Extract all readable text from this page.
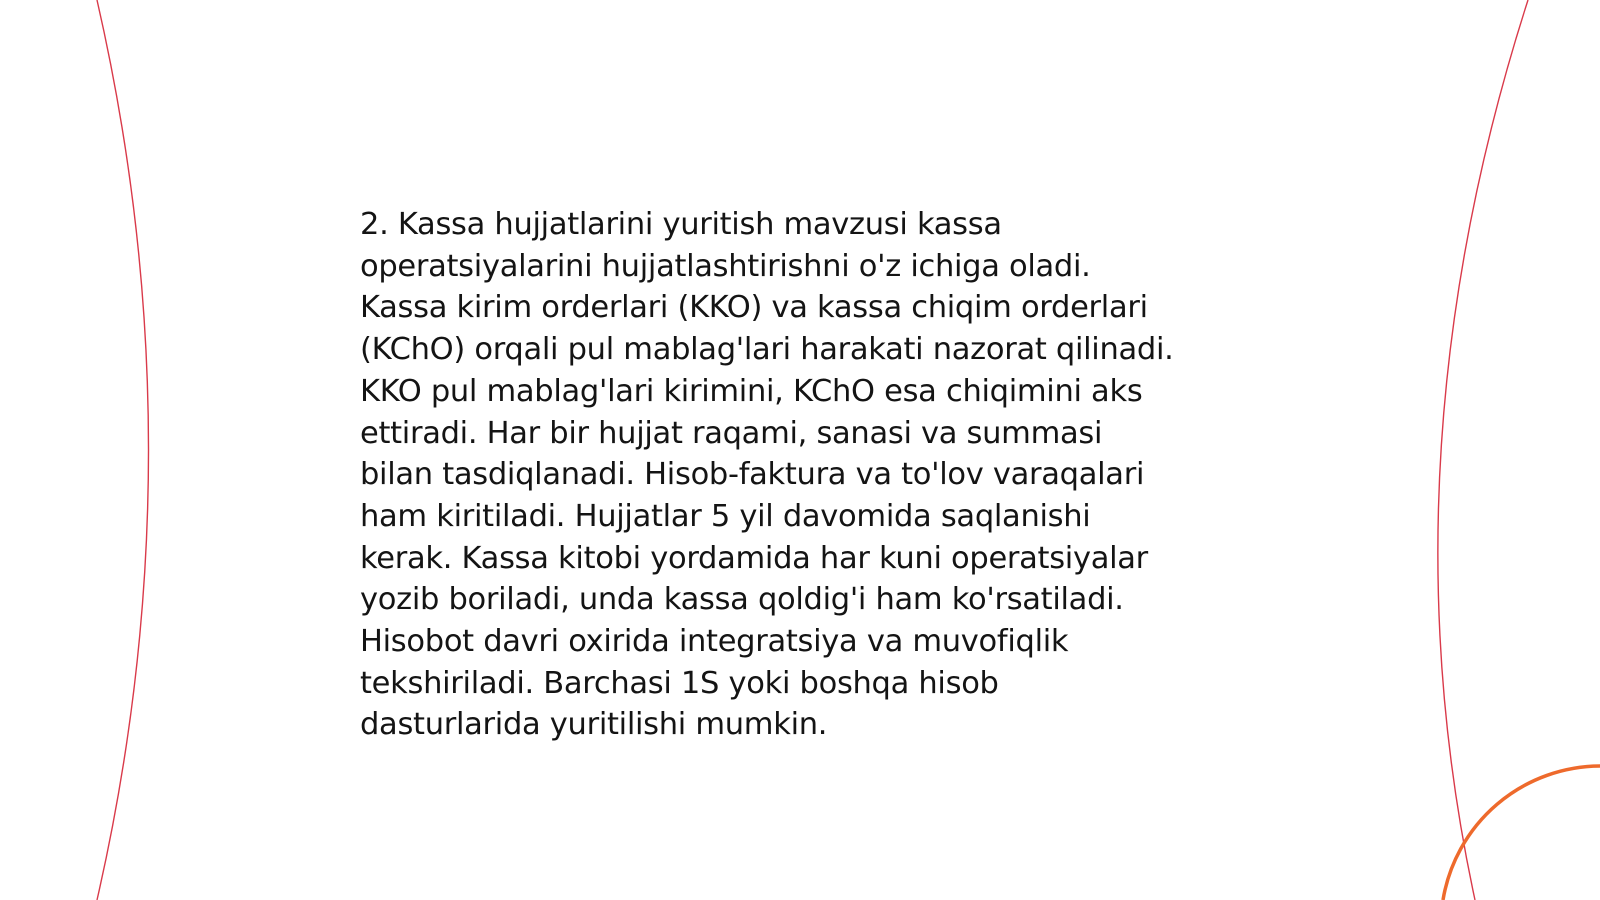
2. Kassa hujjatlarini yuritish mavzusi kassa
operatsiyalarini hujjatlashtirishni o'z ichiga oladi.
Kassa kirim orderlari (KKO) va kassa chiqim orderlari
(KChO) orqali pul mablag'lari harakati nazorat qilinadi.
KKO pul mablag'lari kirimini, KChO esa chiqimini aks
ettiradi. Har bir hujjat raqami, sanasi va summasi
bilan tasdiqlanadi. Hisob-faktura va to'lov varaqalari
ham kiritiladi. Hujjatlar 5 yil davomida saqlanishi
kerak. Kassa kitobi yordamida har kuni operatsiyalar
yozib boriladi, unda kassa qoldig'i ham ko'rsatiladi.
Hisobot davri oxirida integratsiya va muvofiqlik
tekshiriladi. Barchasi 1S yoki boshqa hisob
dasturlarida yuritilishi mumkin.
